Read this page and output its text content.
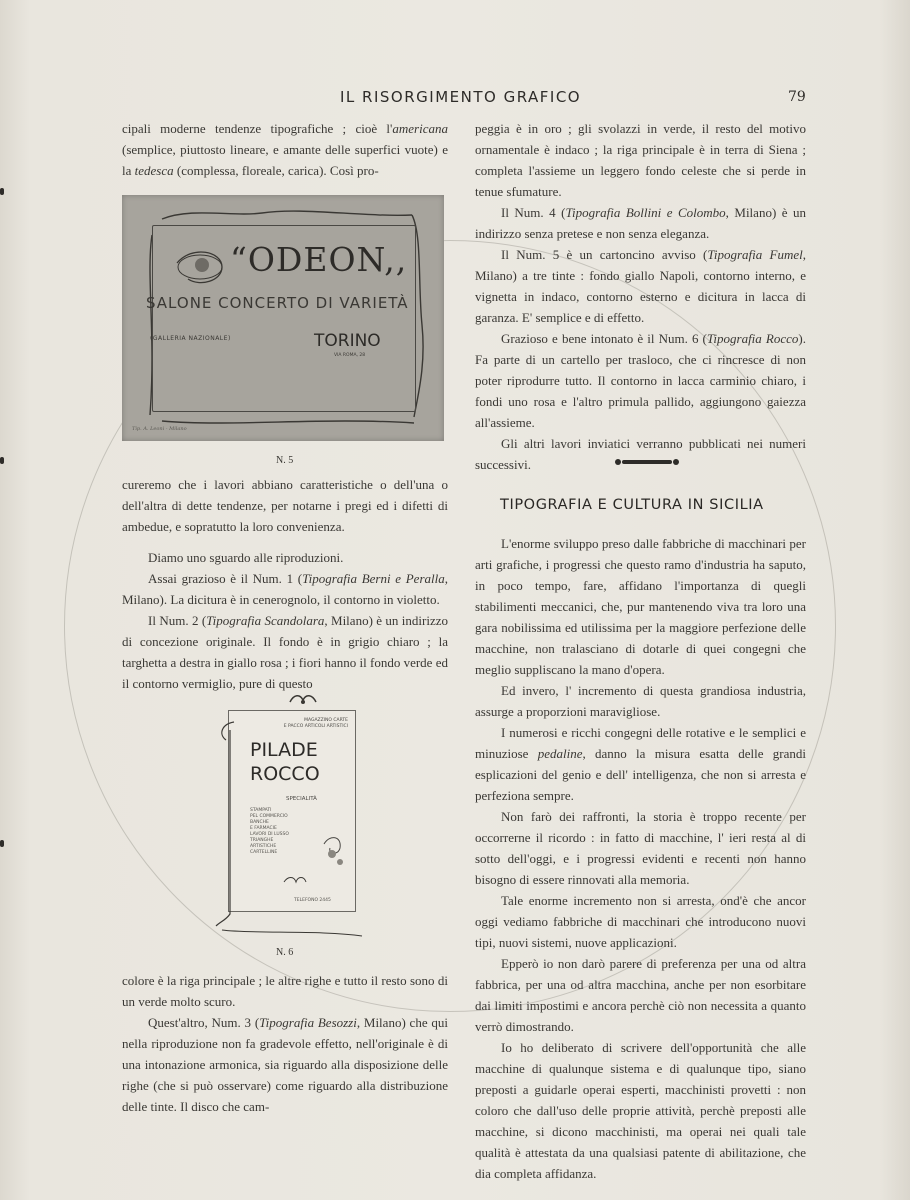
IL RISORGIMENTO GRAFICO	79

cipali moderne tendenze tipografiche ; cioè l'americana (semplice, piuttosto lineare, e amante delle superfici vuote) e la tedesca (complessa, floreale, carica). Così pro-

“ODEON,,
SALONE CONCERTO DI VARIETÀ
(GALLERIA NAZIONALE)	TORINO
VIA ROMA, 28
Tip. A. Leoni - Milano
N. 5

cureremo che i lavori abbiano caratteristiche o dell'una o dell'altra di dette tendenze, per notarne i pregi ed i difetti di ambedue, e sopratutto la loro convenienza.

Diamo uno sguardo alle riproduzioni.

Assai grazioso è il Num. 1 (Tipografia Berni e Peralla, Milano). La dicitura è in cenerognolo, il contorno in violetto.

Il Num. 2 (Tipografia Scandolara, Milano) è un indirizzo di concezione originale. Il fondo è in grigio chiaro ; la targhetta a destra in giallo rosa ; i fiori hanno il fondo verde ed il contorno vermiglio, pure di questo

MAGAZZINO CARTE
E PACCO ARTICOLI ARTISTICI
PILADE
ROCCO
SPECIALITÀ
STAMPATI
PEL COMMERCIO
BANCHE
E FARMACIE
LAVORI DI LUSSO
TRIANGHE
ARTISTICHE
CARTELLINE
TELEFONO 2445
N. 6

colore è la riga principale ; le altre righe e tutto il resto sono di un verde molto scuro.

Quest'altro, Num. 3 (Tipografia Besozzi, Milano) che qui nella riproduzione non fa gradevole effetto, nell'originale è di una intonazione armonica, sia riguardo alla disposizione delle righe (che si può osservare) come riguardo alla distribuzione delle tinte. Il disco che cam-

peggia è in oro ; gli svolazzi in verde, il resto del motivo ornamentale è indaco ; la riga principale è in terra di Siena ; completa l'assieme un leggero fondo celeste che si perde in tenue sfumature.

Il Num. 4 (Tipografia Bollini e Colombo, Milano) è un indirizzo senza pretese e non senza eleganza.

Il Num. 5 è un cartoncino avviso (Tipografia Fumel, Milano) a tre tinte : fondo giallo Napoli, contorno interno, e vignetta in indaco, contorno esterno e dicitura in lacca di garanza. E' semplice e di effetto.

Grazioso e bene intonato è il Num. 6 (Tipografia Rocco). Fa parte di un cartello per trasloco, che ci rincresce di non poter riprodurre tutto. Il contorno in lacca carminio chiaro, i fondi uno rosa e l'altro primula pallido, aggiungono gaiezza all'assieme.

Gli altri lavori inviatici verranno pubblicati nei numeri successivi.

TIPOGRAFIA E CULTURA IN SICILIA

L'enorme sviluppo preso dalle fabbriche di macchinari per arti grafiche, i progressi che questo ramo d'industria ha saputo, in poco tempo, fare, affidano l'importanza di quegli stabilimenti meccanici, che, pur mantenendo viva tra loro una gara nobilissima ed utilissima per la maggiore perfezione delle macchine, non tralasciano di dotarle di quei congegni che meglio suppliscano la mano d'opera.

Ed invero, l' incremento di questa grandiosa industria, assurge a proporzioni maravigliose.

I numerosi e ricchi congegni delle rotative e le semplici e minuziose pedaline, danno la misura esatta delle grandi esplicazioni del genio e dell' intelligenza, che non si arresta e perfeziona sempre.

Non farò dei raffronti, la storia è troppo recente per occorrerne il ricordo : in fatto di macchine, l' ieri resta al di sotto dell'oggi, e i progressi evidenti e recenti non hanno bisogno di essere rinnovati alla memoria.

Tale enorme incremento non si arresta, ond'è che ancor oggi vediamo fabbriche di macchinari che introducono nuovi tipi, nuovi sistemi, nuove applicazioni.

Epperò io non darò parere di preferenza per una od altra fabbrica, per una od altra macchina, anche per non esorbitare dai limiti impostimi e ancora perchè ciò non necessita a quanto verrò dimostrando.

Io ho deliberato di scrivere dell'opportunità che alle macchine di qualunque sistema e di qualunque tipo, siano preposti a guidarle operai esperti, macchinisti provetti : non coloro che dall'uso delle proprie attività, perchè preposti alle macchine, si dicono macchinisti, ma operai nei quali tale qualità è attestata da una qualsiasi patente di abilitazione, che dia completa affidanza.
